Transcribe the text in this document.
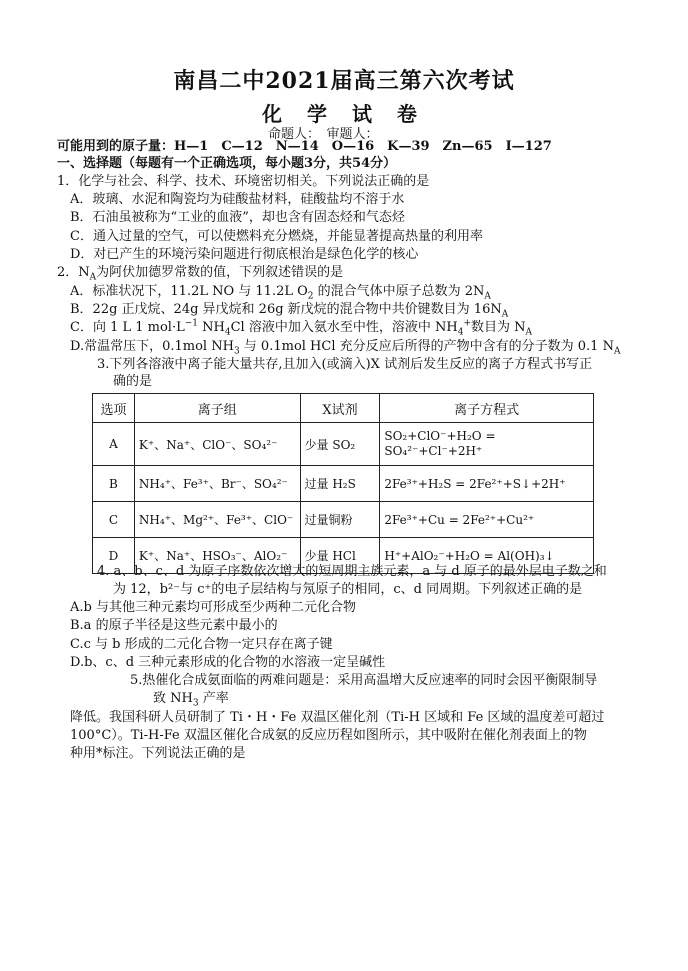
南昌二中2021届高三第六次考试
化 学 试 卷
命题人：　审题人：
可能用到的原子量：H—1　C—12　N—14　O—16　K—39　Zn—65　I—127
一、选择题（每题有一个正确选项，每小题3分，共54分）
1．化学与社会、科学、技术、环境密切相关。下列说法正确的是
A．玻璃、水泥和陶瓷均为硅酸盐材料，硅酸盐均不溶于水
B．石油虽被称为“工业的血液”，却也含有固态烃和气态烃
C．通入过量的空气，可以使燃料充分燃烧，并能显著提高热量的利用率
D．对已产生的环境污染问题进行彻底根治是绿色化学的核心
2．$N_A$为阿伏加德罗常数的值，下列叙述错误的是
A．标准状况下，11.2L NO 与 11.2L $O_2$ 的混合气体中原子总数为 $2N_A$
B．22g 正戊烷、24g 异戊烷和 26g 新戊烷的混合物中共价键数目为 $16N_A$
C．向 1 L 1 $mol\cdot L^{-1}$ $NH_4Cl$ 溶液中加入氨水至中性，溶液中 $NH_4^+$数目为 $N_A$
D.常温常压下，0.1mol $NH_3$ 与 0.1mol HCl 充分反应后所得的产物中含有的分子数为 0.1 $N_A$
3.下列各溶液中离子能大量共存,且加入(或滴入)X 试剂后发生反应的离子方程式书写正
确的是
选项	离子组	X试剂	离子方程式
A	K⁺、Na⁺、ClO⁻、SO₄²⁻	少量 SO₂	SO₂+ClO⁻+H₂O =
SO₄²⁻+Cl⁻+2H⁺

B	NH₄⁺、Fe³⁺、Br⁻、SO₄²⁻	过量 H₂S	2Fe³⁺+H₂S = 2Fe²⁺+S↓+2H⁺
C	NH₄⁺、Mg²⁺、Fe³⁺、ClO⁻	过量铜粉	2Fe³⁺+Cu = 2Fe²⁺+Cu²⁺
D	K⁺、Na⁺、HSO₃⁻、AlO₂⁻	少量 HCl	H⁺+AlO₂⁻+H₂O = Al(OH)₃↓
4. a、b、c、d 为原子序数依次增大的短周期主族元素，a 与 d 原子的最外层电子数之和
为 12，b²⁻与 c⁺的电子层结构与氖原子的相同，c、d 同周期。下列叙述正确的是
A.b 与其他三种元素均可形成至少两种二元化合物
B.a 的原子半径是这些元素中最小的
C.c 与 b 形成的二元化合物一定只存在离子键
D.b、c、d 三种元素形成的化合物的水溶液一定呈碱性
5.热催化合成氨面临的两难问题是：采用高温增大反应速率的同时会因平衡限制导
致 $NH_3$ 产率
降低。我国科研人员研制了 Ti・H・Fe 双温区催化剂（Ti-H 区域和 Fe 区域的温度差可超过
100°C）。Ti-H-Fe 双温区催化合成氨的反应历程如图所示，其中吸附在催化剂表面上的物
种用*标注。下列说法正确的是
